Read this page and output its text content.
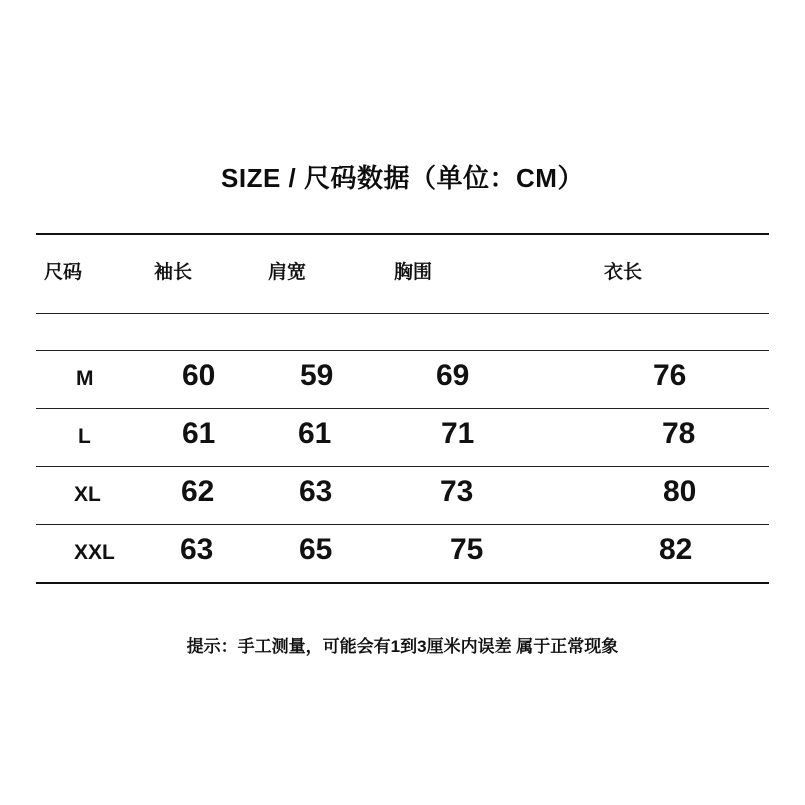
SIZE / 尺码数据（单位：CM）
尺码	袖长	肩宽	胸围	衣长
M	60	59	69	76
L	61	61	71	78
XL	62	63	73	80
XXL 63	65	75	82
提示：手工测量，可能会有1到3厘米内误差 属于正常现象
